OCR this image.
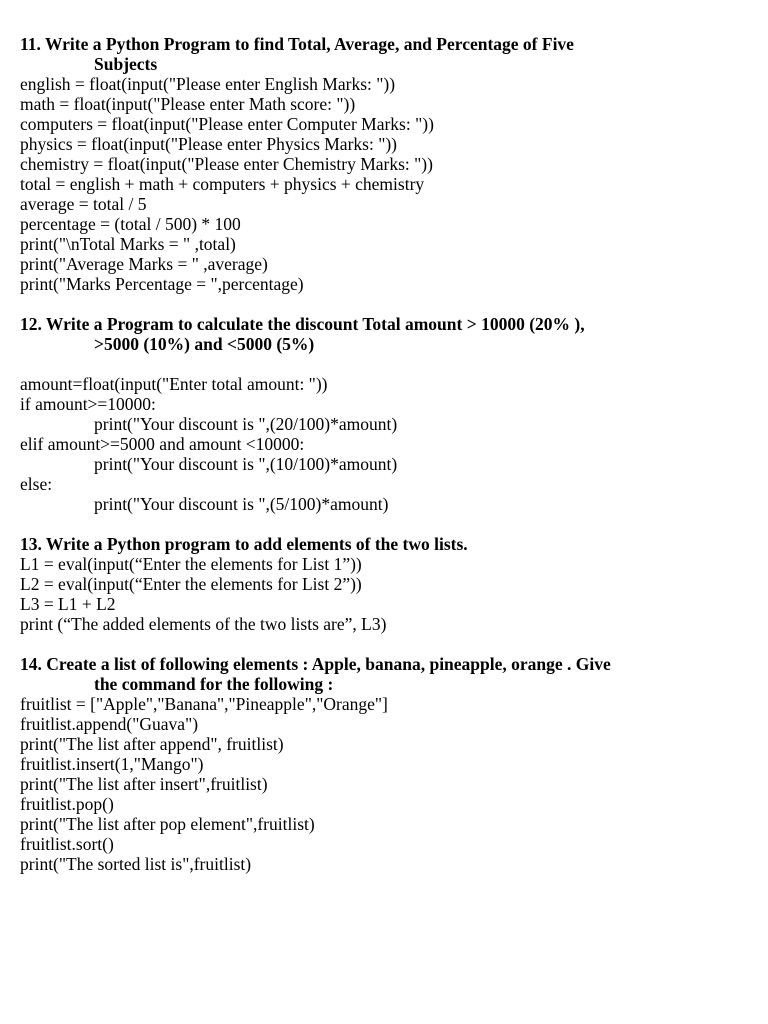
11. Write a Python Program to find Total, Average, and Percentage of Five
Subjects
english = float(input("Please enter English Marks: "))
math = float(input("Please enter Math score: "))
computers = float(input("Please enter Computer Marks: "))
physics = float(input("Please enter Physics Marks: "))
chemistry = float(input("Please enter Chemistry Marks: "))
total = english + math + computers + physics + chemistry
average = total / 5
percentage = (total / 500) * 100
print("\nTotal Marks = " ,total)
print("Average Marks = " ,average)
print("Marks Percentage = ",percentage)
12. Write a Program to calculate the discount Total amount > 10000 (20% ),
>5000 (10%) and <5000 (5%)
amount=float(input("Enter total amount: "))
if amount>=10000:
print("Your discount is ",(20/100)*amount)
elif amount>=5000 and amount <10000:
print("Your discount is ",(10/100)*amount)
else:
print("Your discount is ",(5/100)*amount)
13. Write a Python program to add elements of the two lists.
L1 = eval(input(“Enter the elements for List 1”))
L2 = eval(input(“Enter the elements for List 2”))
L3 = L1 + L2
print (“The added elements of the two lists are”, L3)
14. Create a list of following elements : Apple, banana, pineapple, orange . Give
the command for the following :
fruitlist = ["Apple","Banana","Pineapple","Orange"]
fruitlist.append("Guava")
print("The list after append", fruitlist)
fruitlist.insert(1,"Mango")
print("The list after insert",fruitlist)
fruitlist.pop()
print("The list after pop element",fruitlist)
fruitlist.sort()
print("The sorted list is",fruitlist)
